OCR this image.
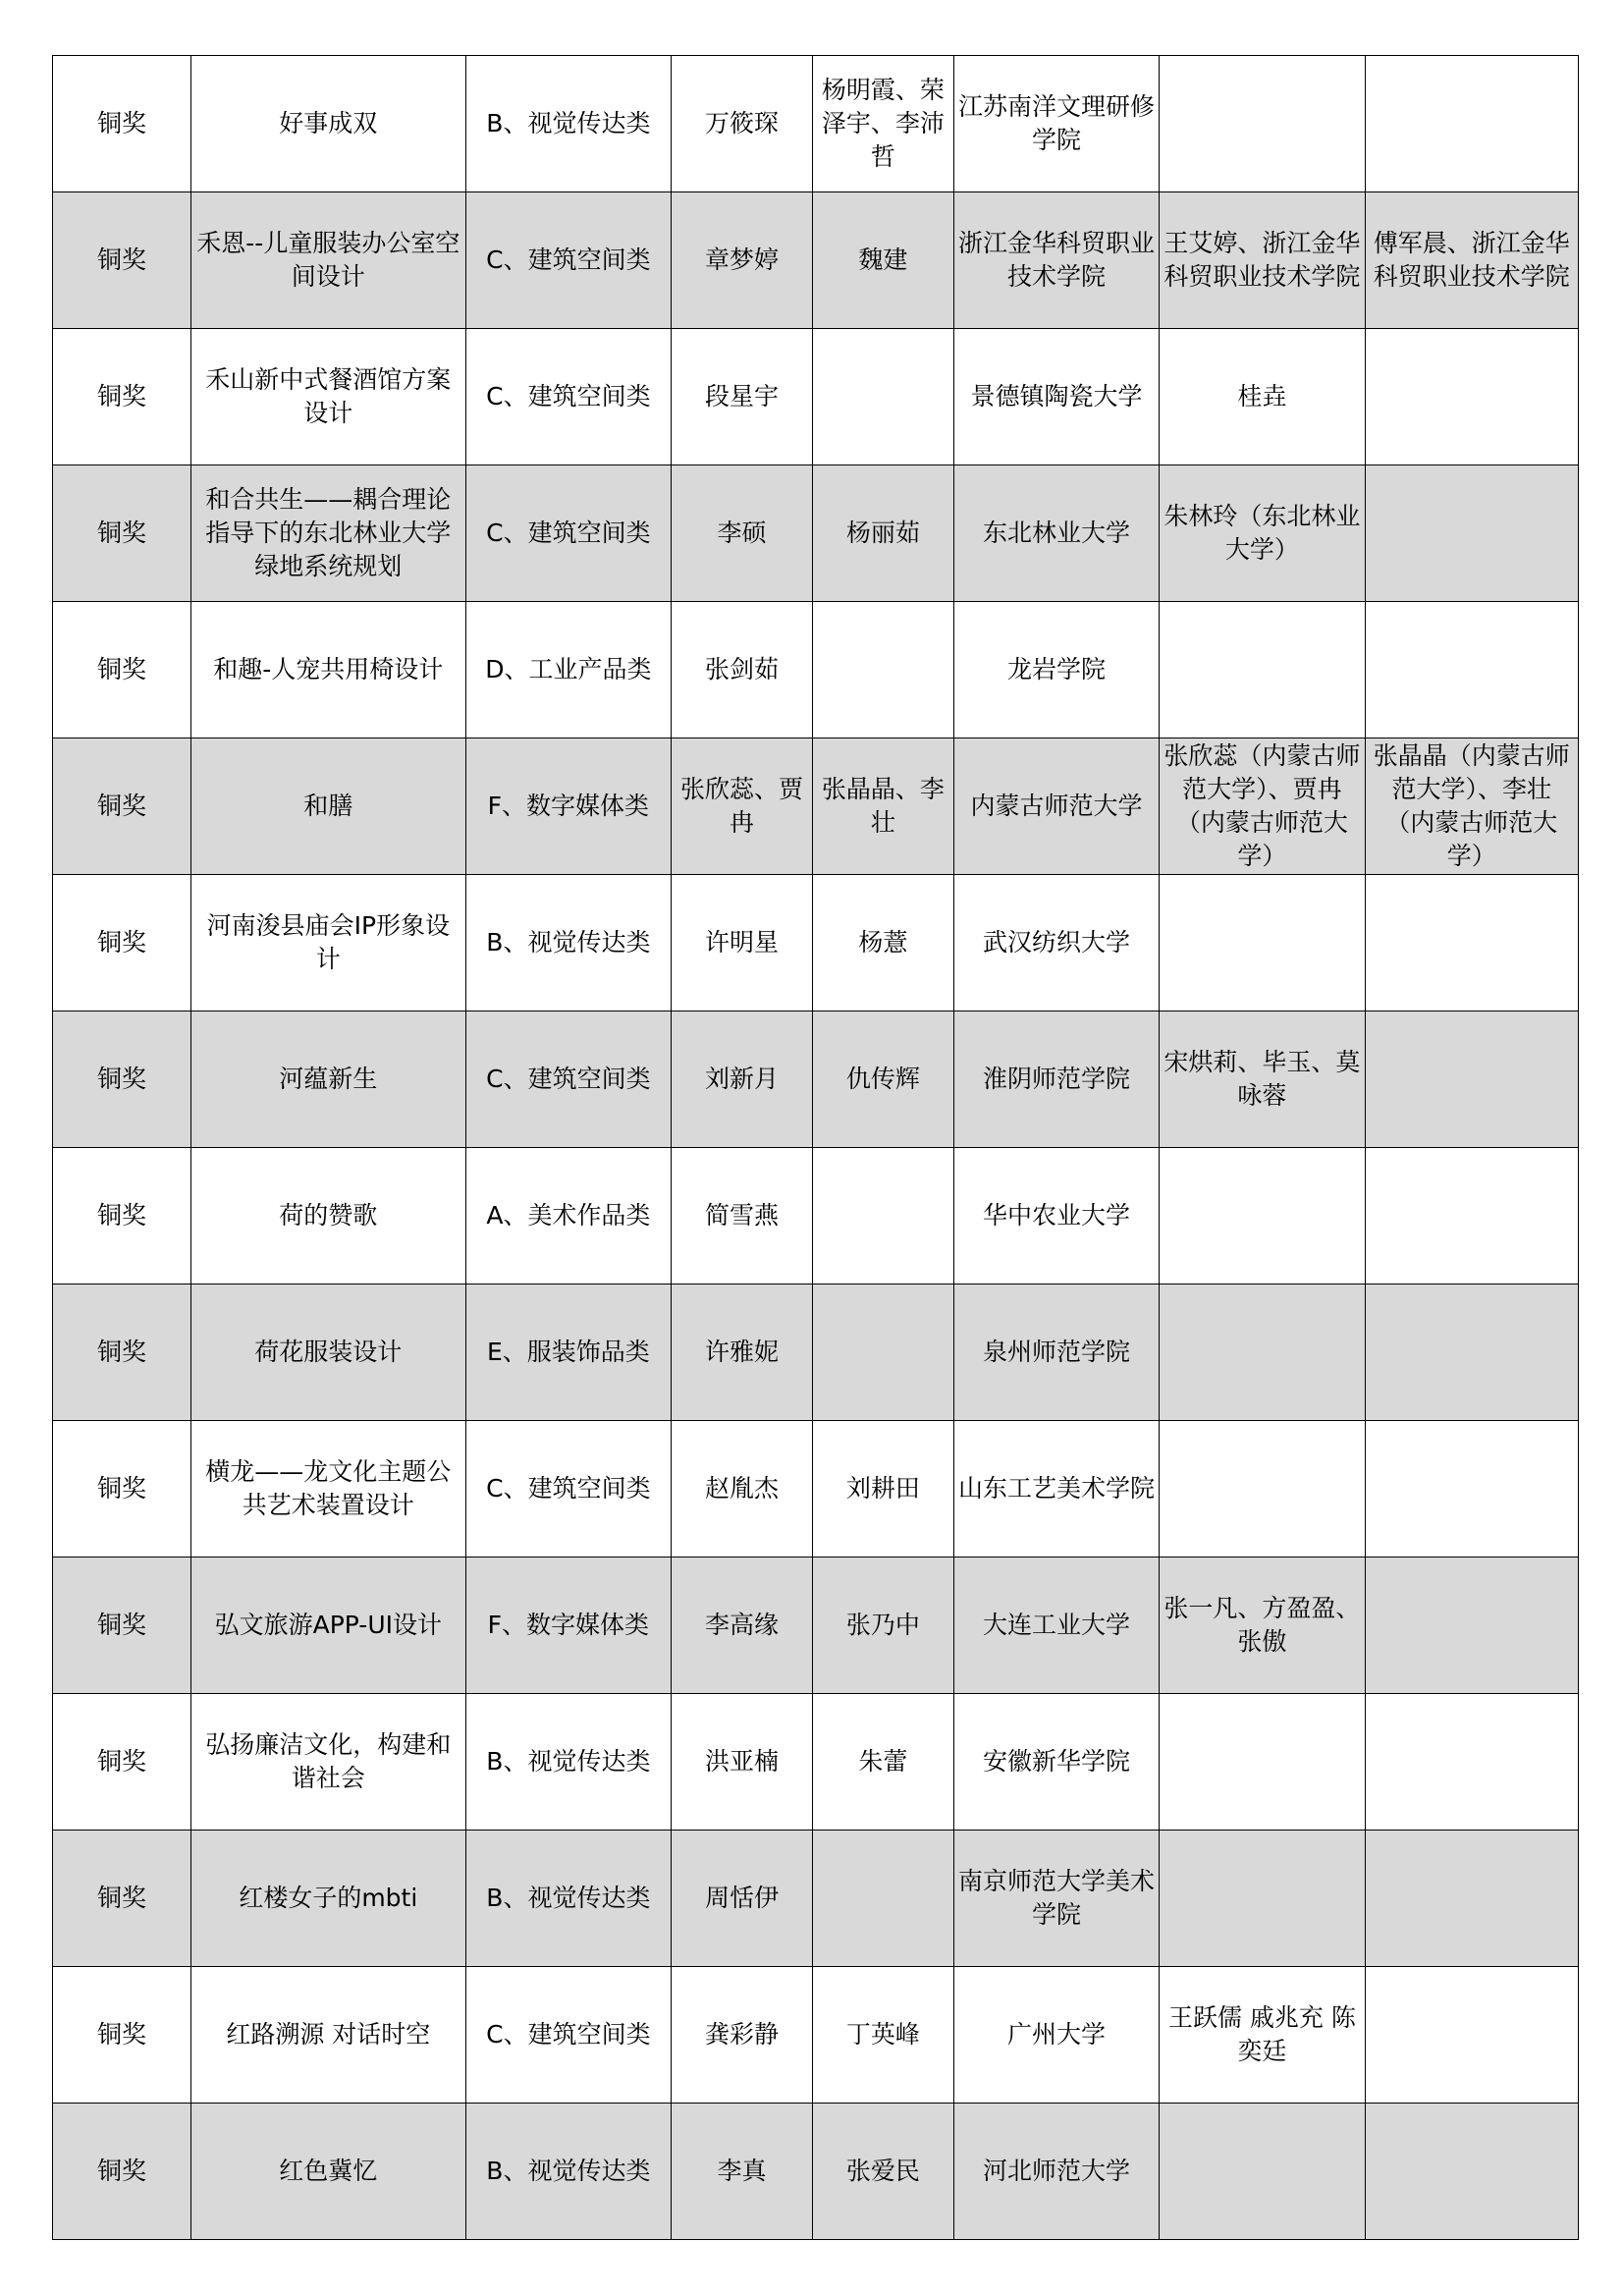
铜奖	好事成双	B、视觉传达类	万筱琛	杨明霞、荣泽宇、李沛哲	江苏南洋文理研修学院		
铜奖	禾恩--儿童服装办公室空间设计	C、建筑空间类	章梦婷	魏建	浙江金华科贸职业技术学院	王艾婷、浙江金华科贸职业技术学院	傅军晨、浙江金华科贸职业技术学院
铜奖	禾山新中式餐酒馆方案设计	C、建筑空间类	段星宇		景德镇陶瓷大学	桂垚	
铜奖	和合共生——耦合理论指导下的东北林业大学绿地系统规划	C、建筑空间类	李硕	杨丽茹	东北林业大学	朱林玲（东北林业大学）	
铜奖	和趣-人宠共用椅设计	D、工业产品类	张剑茹		龙岩学院		
铜奖	和膳	F、数字媒体类	张欣蕊、贾冉	张晶晶、李壮	内蒙古师范大学	张欣蕊（内蒙古师范大学）、贾冉（内蒙古师范大学）	张晶晶（内蒙古师范大学）、李壮（内蒙古师范大学）
铜奖	河南浚县庙会IP形象设计	B、视觉传达类	许明星	杨薏	武汉纺织大学		
铜奖	河蕴新生	C、建筑空间类	刘新月	仇传辉	淮阴师范学院	宋烘莉、毕玉、莫咏蓉	
铜奖	荷的赞歌	A、美术作品类	简雪燕		华中农业大学		
铜奖	荷花服装设计	E、服装饰品类	许雅妮		泉州师范学院		
铜奖	横龙——龙文化主题公共艺术装置设计	C、建筑空间类	赵胤杰	刘耕田	山东工艺美术学院		
铜奖	弘文旅游APP-UI设计	F、数字媒体类	李高缘	张乃中	大连工业大学	张一凡、方盈盈、张傲	
铜奖	弘扬廉洁文化，构建和谐社会	B、视觉传达类	洪亚楠	朱蕾	安徽新华学院		
铜奖	红楼女子的mbti	B、视觉传达类	周恬伊		南京师范大学美术学院		
铜奖	红路溯源 对话时空	C、建筑空间类	龚彩静	丁英峰	广州大学	王跃儒 戚兆充 陈奕廷	
铜奖	红色冀忆	B、视觉传达类	李真	张爱民	河北师范大学		
